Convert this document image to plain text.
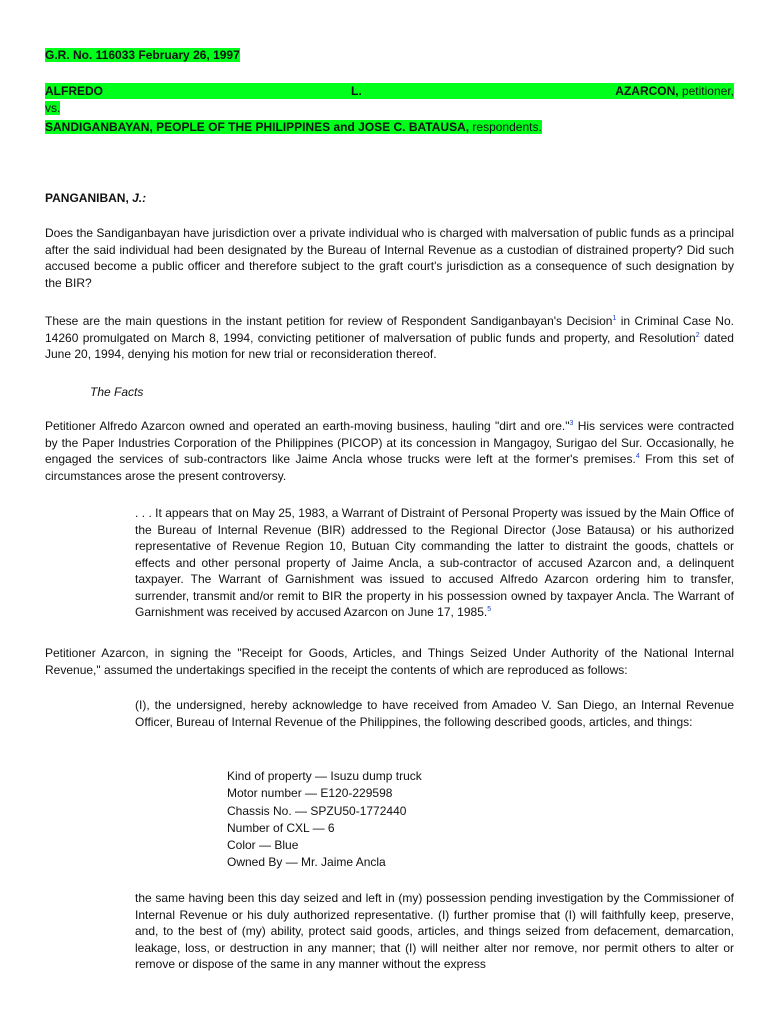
G.R. No. 116033 February 26, 1997
ALFREDO	L.	AZARCON, petitioner,
vs.
SANDIGANBAYAN, PEOPLE OF THE PHILIPPINES and JOSE C. BATAUSA, respondents.
PANGANIBAN, J.:

Does the Sandiganbayan have jurisdiction over a private individual who is charged with malversation of public funds as a principal after the said individual had been designated by the Bureau of Internal Revenue as a custodian of distrained property? Did such accused become a public officer and therefore subject to the graft court's jurisdiction as a consequence of such designation by the BIR?

These are the main questions in the instant petition for review of Respondent Sandiganbayan's Decision$^1$ in Criminal Case No. 14260 promulgated on March 8, 1994, convicting petitioner of malversation of public funds and property, and Resolution$^2$ dated June 20, 1994, denying his motion for new trial or reconsideration thereof.

The Facts

Petitioner Alfredo Azarcon owned and operated an earth-moving business, hauling "dirt and ore."$^3$ His services were contracted by the Paper Industries Corporation of the Philippines (PICOP) at its concession in Mangagoy, Surigao del Sur. Occasionally, he engaged the services of sub-contractors like Jaime Ancla whose trucks were left at the former's premises.$^4$ From this set of circumstances arose the present controversy.

. . . It appears that on May 25, 1983, a Warrant of Distraint of Personal Property was issued by the Main Office of the Bureau of Internal Revenue (BIR) addressed to the Regional Director (Jose Batausa) or his authorized representative of Revenue Region 10, Butuan City commanding the latter to distraint the goods, chattels or effects and other personal property of Jaime Ancla, a sub-contractor of accused Azarcon and, a delinquent taxpayer. The Warrant of Garnishment was issued to accused Alfredo Azarcon ordering him to transfer, surrender, transmit and/or remit to BIR the property in his possession owned by taxpayer Ancla. The Warrant of Garnishment was received by accused Azarcon on June 17, 1985.$^5$

Petitioner Azarcon, in signing the "Receipt for Goods, Articles, and Things Seized Under Authority of the National Internal Revenue," assumed the undertakings specified in the receipt the contents of which are reproduced as follows:

(I), the undersigned, hereby acknowledge to have received from Amadeo V. San Diego, an Internal Revenue Officer, Bureau of Internal Revenue of the Philippines, the following described goods, articles, and things:

Kind of property — Isuzu dump truck
Motor number — E120-229598
Chassis No. — SPZU50-1772440
Number of CXL — 6
Color — Blue
Owned By — Mr. Jaime Ancla

the same having been this day seized and left in (my) possession pending investigation by the Commissioner of Internal Revenue or his duly authorized representative. (I) further promise that (I) will faithfully keep, preserve, and, to the best of (my) ability, protect said goods, articles, and things seized from defacement, demarcation, leakage, loss, or destruction in any manner; that (I) will neither alter nor remove, nor permit others to alter or remove or dispose of the same in any manner without the express
